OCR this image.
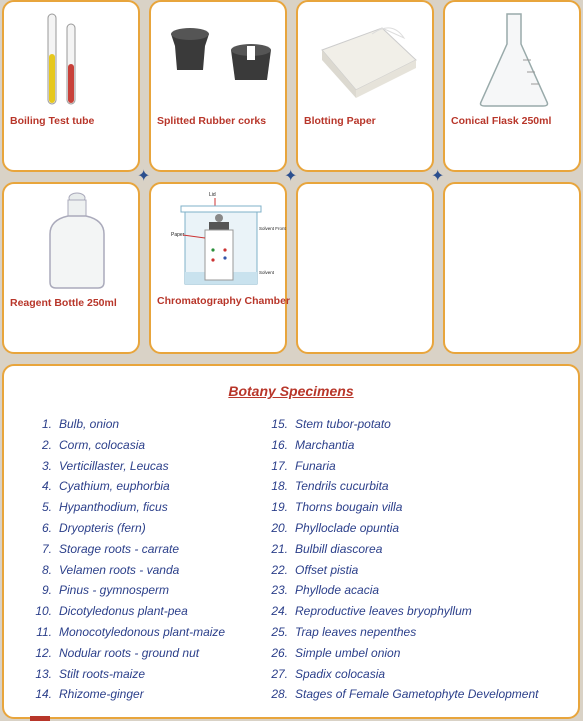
Boiling Test tube	Splitted Rubber corks	Blotting Paper	Conical Flask 250ml
✦	✦	✦
Reagent Bottle 250ml
Lid
Paper
Solvent Front
Solvent
Chromatography Chamber
Botany Specimens
1. Bulb, onion
2. Corm, colocasia
3. Verticillaster, Leucas
4. Cyathium, euphorbia
5. Hypanthodium, ficus
6. Dryopteris (fern)
7. Storage roots - carrate
8. Velamen roots - vanda
9. Pinus - gymnosperm
10. Dicotyledonus plant-pea
11. Monocotyledonous plant-maize
12. Nodular roots - ground nut
13. Stilt roots-maize
14. Rhizome-ginger
15. Stem tubor-potato
16. Marchantia
17. Funaria
18. Tendrils cucurbita
19. Thorns bougain villa
20. Phylloclade opuntia
21. Bulbill diascorea
22. Offset pistia
23. Phyllode acacia
24. Reproductive leaves bryophyllum
25. Trap leaves nepenthes
26. Simple umbel onion
27. Spadix colocasia
28. Stages of Female Gametophyte Development
